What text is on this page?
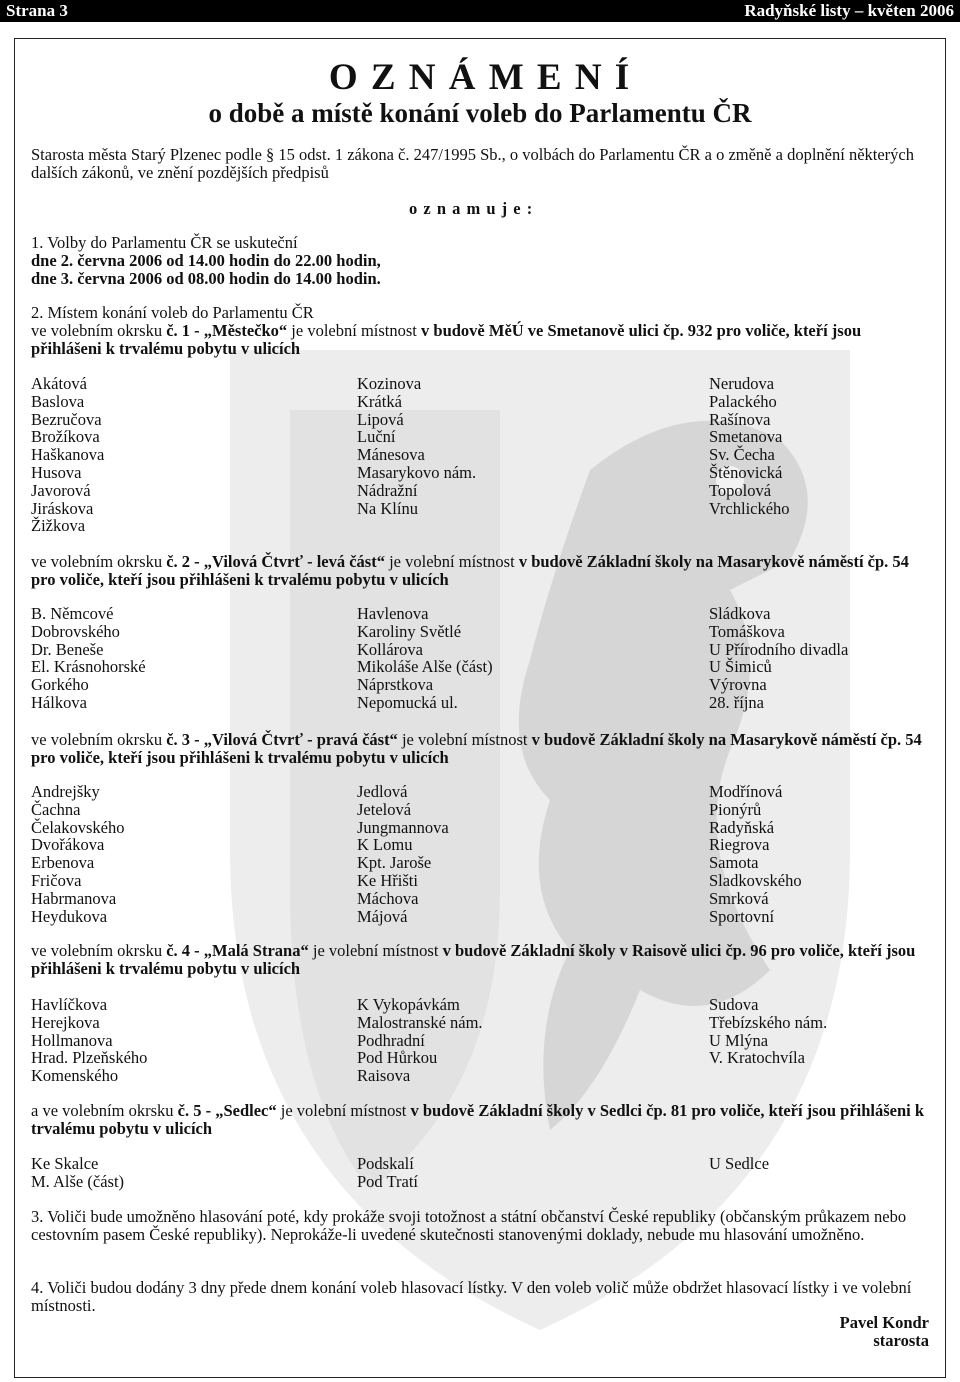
Strana 3	Radyňské listy – květen 2006
O Z N Á M E N Í
o době a místě konání voleb do Parlamentu ČR
Starosta města Starý Plzenec podle § 15 odst. 1 zákona č. 247/1995 Sb., o volbách do Parlamentu ČR a o změně a doplnění některých dalších zákonů, ve znění pozdějších předpisů
o z n a m u j e :
1. Volby do Parlamentu ČR se uskuteční
dne 2. června 2006 od 14.00 hodin do 22.00 hodin,
dne 3. června 2006 od 08.00 hodin do 14.00 hodin.
2. Místem konání voleb do Parlamentu ČR
ve volebním okrsku č. 1 - „Městečko“ je volební místnost v budově MěÚ ve Smetanově ulici čp. 932 pro voliče, kteří jsou přihlášeni k trvalému pobytu v ulicích
Akátová
Baslova
Bezručova
Brožíkova
Haškanova
Husova
Javorová
Jiráskova
Žižkova
Kozinova
Krátká
Lipová
Luční
Mánesova
Masarykovo nám.
Nádražní
Na Klínu
Nerudova
Palackého
Rašínova
Smetanova
Sv. Čecha
Štěnovická
Topolová
Vrchlického
ve volebním okrsku č. 2 - „Vilová Čtvrť - levá část“ je volební místnost v budově Základní školy na Masarykově náměstí čp. 54 pro voliče, kteří jsou přihlášeni k trvalému pobytu v ulicích
B. Němcové
Dobrovského
Dr. Beneše
El. Krásnohorské
Gorkého
Hálkova
Havlenova
Karoliny Světlé
Kollárova
Mikoláše Alše (část)
Náprstkova
Nepomucká ul.
Sládkova
Tomáškova
U Přírodního divadla
U Šimiců
Výrovna
28. října
ve volebním okrsku č. 3 - „Vilová Čtvrť - pravá část“ je volební místnost v budově Základní školy na Masarykově náměstí čp. 54 pro voliče, kteří jsou přihlášeni k trvalému pobytu v ulicích
Andrejšky
Čachna
Čelakovského
Dvořákova
Erbenova
Fričova
Habrmanova
Heydukova
Jedlová
Jetelová
Jungmannova
K Lomu
Kpt. Jaroše
Ke Hřišti
Máchova
Májová
Modřínová
Pionýrů
Radyňská
Riegrova
Samota
Sladkovského
Smrková
Sportovní
ve volebním okrsku č. 4 - „Malá Strana“ je volební místnost v budově Základní školy v Raisově ulici čp. 96 pro voliče, kteří jsou přihlášeni k trvalému pobytu v ulicích
Havlíčkova
Herejkova
Hollmanova
Hrad. Plzeňského
Komenského
K Vykopávkám
Malostranské nám.
Podhradní
Pod Hůrkou
Raisova
Sudova
Třebízského nám.
U Mlýna
V. Kratochvíla
a ve volebním okrsku č. 5 - „Sedlec“ je volební místnost v budově Základní školy v Sedlci čp. 81 pro voliče, kteří jsou přihlášeni k trvalému pobytu v ulicích
Ke Skalce
M. Alše (část)
Podskalí
Pod Tratí
U Sedlce
3. Voliči bude umožněno hlasování poté, kdy prokáže svoji totožnost a státní občanství České republiky (občanským průkazem nebo cestovním pasem České republiky). Neprokáže-li uvedené skutečnosti stanovenými doklady, nebude mu hlasování umožněno.
4. Voliči budou dodány 3 dny přede dnem konání voleb hlasovací lístky. V den voleb volič může obdržet hlasovací lístky i ve volební místnosti.
Pavel Kondr
starosta
